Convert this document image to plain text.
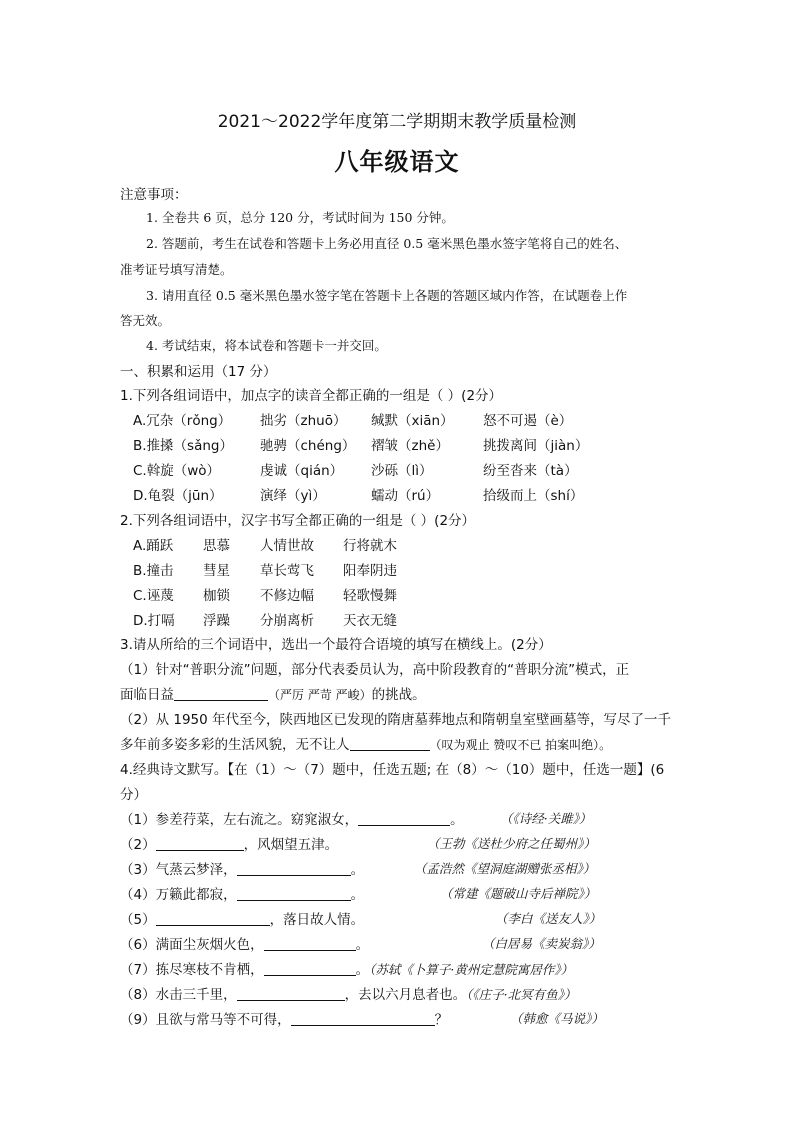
2021～2022学年度第二学期期末教学质量检测
八年级语文
注意事项：
1. 全卷共 6 页，总分 120 分，考试时间为 150 分钟。
2. 答题前，考生在试卷和答题卡上务必用直径 0.5 毫米黑色墨水签字笔将自己的姓名、
准考证号填写清楚。
3. 请用直径 0.5 毫米黑色墨水签字笔在答题卡上各题的答题区域内作答，在试题卷上作
答无效。
4. 考试结束，将本试卷和答题卡一并交回。
一、积累和运用（17 分）
1.下列各组词语中，加点字的读音全都正确的一组是（ ）(2分）
A.冗杂（rǒng） 拙劣（zhuō） 缄默（xiān） 怒不可遏（è）
B.推搡（sǎng） 驰骋（chéng） 褶皱（zhě）	挑拨离间（jiàn）
C.斡旋（wò）	虔诚（qián） 沙砾（lì）	纷至沓来（tà）
D.龟裂（jūn）	演绎（yì）	蠕动（rú）	拾级而上（shí）
2.下列各组词语中，汉字书写全都正确的一组是（ ）(2分）
A.踊跃 思慕 人情世故 行将就木
B.撞击 彗星 草长莺飞 阳奉阴违
C.诬蔑 枷锁 不修边幅 轻歌慢舞
D.打嗝 浮躁 分崩离析 天衣无缝
3.请从所给的三个词语中，选出一个最符合语境的填写在横线上。(2分）
（1）针对“普职分流”问题，部分代表委员认为，高中阶段教育的“普职分流”模式，正
面临日益	（严厉 严苛 严峻）的挑战。
（2）从 1950 年代至今，陕西地区已发现的隋唐墓葬地点和隋朝皇室壁画墓等，写尽了一千
多年前多姿多彩的生活风貌，无不让人	（叹为观止 赞叹不已 拍案叫绝）。
4.经典诗文默写。【在（1）～（7）题中，任选五题; 在（8）～（10）题中，任选一题】(6
分）
（1）参差荇菜，左右流之。窈窕淑女，	。	（《诗经·关雎》）
（2）	，风烟望五津。	（王勃《送杜少府之任蜀州》）
（3）气蒸云梦泽，	。	（孟浩然《望洞庭湖赠张丞相》）
（4）万籁此都寂，	。	（常建《题破山寺后禅院》）
（5）	，落日故人情。	（李白《送友人》）
（6）满面尘灰烟火色，	。	（白居易《卖炭翁》）
（7）拣尽寒枝不肯栖，	。（苏轼《卜算子·黄州定慧院寓居作》）
（8）水击三千里，	，去以六月息者也。（《庄子·北冥有鱼》）
（9）且欲与常马等不可得，	？	（韩愈《马说》）
